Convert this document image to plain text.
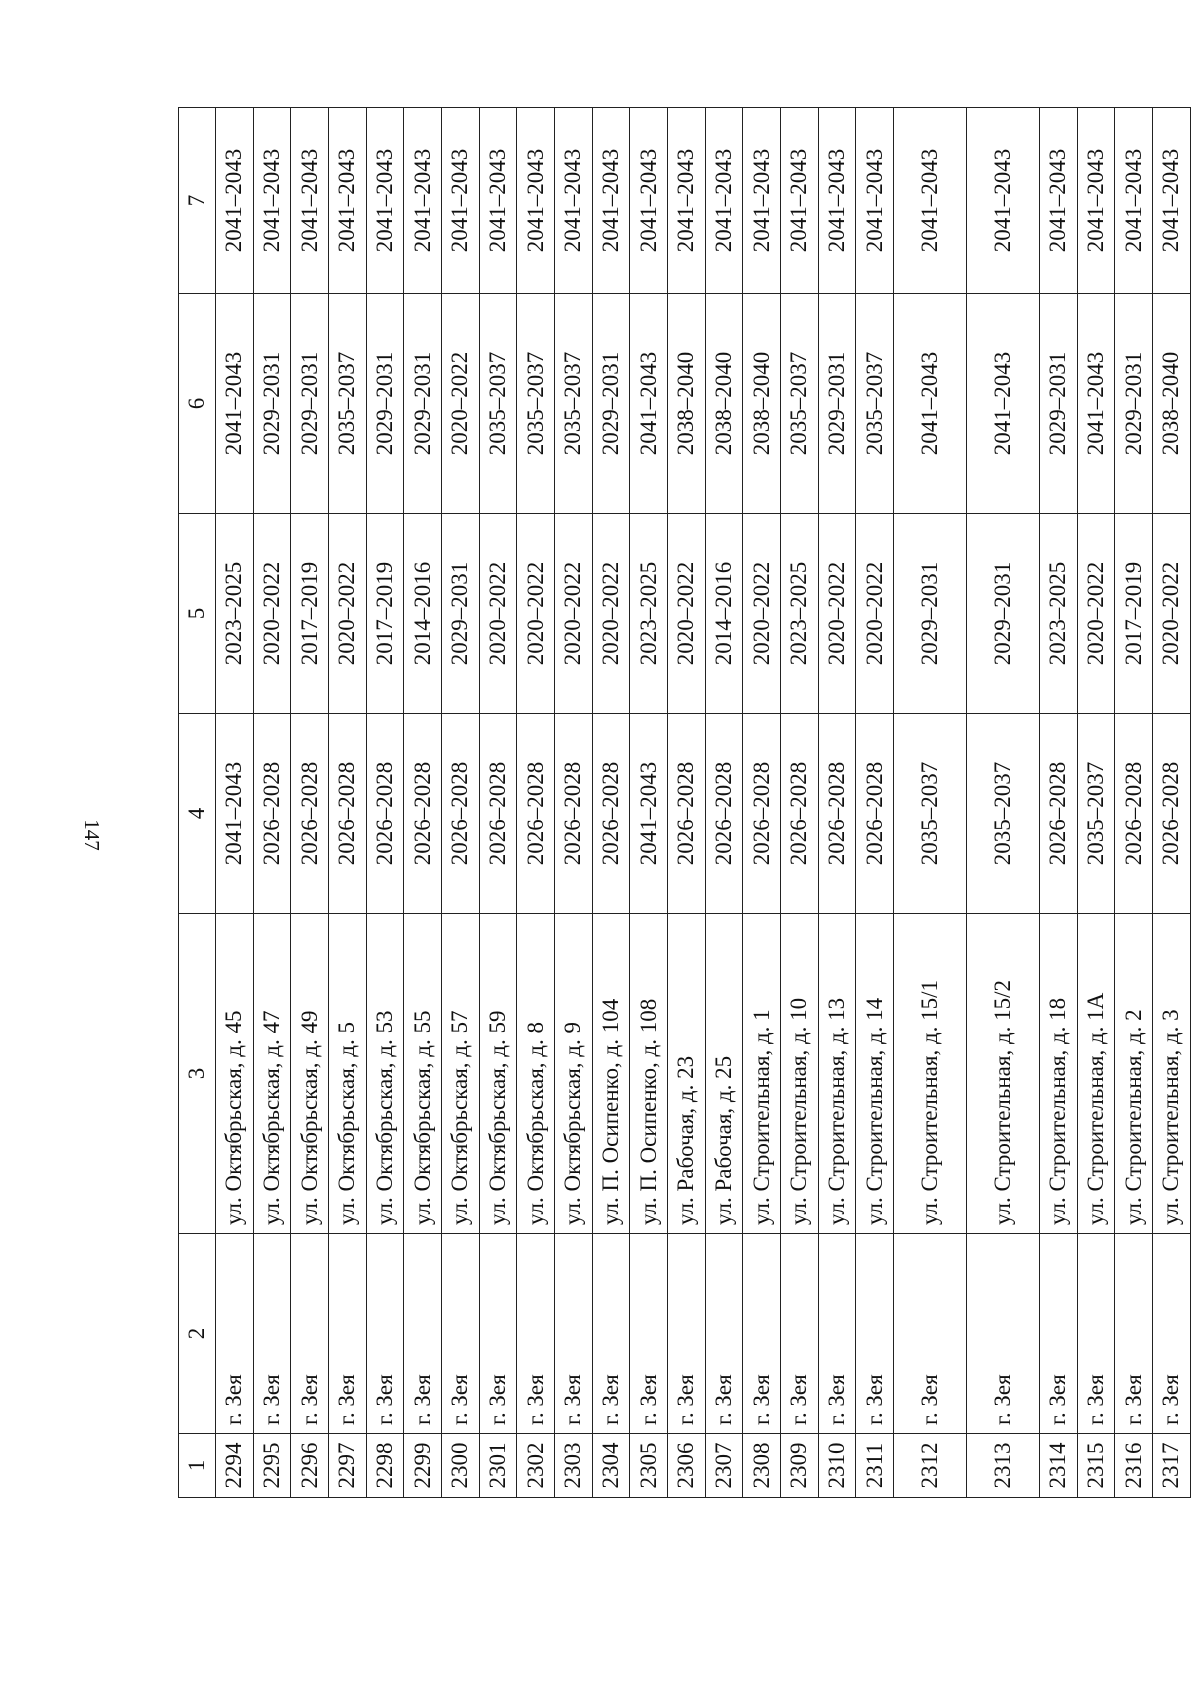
147
1	2	3	4	5	6	7
2294	г. Зея	ул. Октябрьская, д. 45	2041–2043	2023–2025	2041–2043	2041–2043
2295	г. Зея	ул. Октябрьская, д. 47	2026–2028	2020–2022	2029–2031	2041–2043
2296	г. Зея	ул. Октябрьская, д. 49	2026–2028	2017–2019	2029–2031	2041–2043
2297	г. Зея	ул. Октябрьская, д. 5	2026–2028	2020–2022	2035–2037	2041–2043
2298	г. Зея	ул. Октябрьская, д. 53	2026–2028	2017–2019	2029–2031	2041–2043
2299	г. Зея	ул. Октябрьская, д. 55	2026–2028	2014–2016	2029–2031	2041–2043
2300	г. Зея	ул. Октябрьская, д. 57	2026–2028	2029–2031	2020–2022	2041–2043
2301	г. Зея	ул. Октябрьская, д. 59	2026–2028	2020–2022	2035–2037	2041–2043
2302	г. Зея	ул. Октябрьская, д. 8	2026–2028	2020–2022	2035–2037	2041–2043
2303	г. Зея	ул. Октябрьская, д. 9	2026–2028	2020–2022	2035–2037	2041–2043
2304	г. Зея	ул. П. Осипенко, д. 104	2026–2028	2020–2022	2029–2031	2041–2043
2305	г. Зея	ул. П. Осипенко, д. 108	2041–2043	2023–2025	2041–2043	2041–2043
2306	г. Зея	ул. Рабочая, д. 23	2026–2028	2020–2022	2038–2040	2041–2043
2307	г. Зея	ул. Рабочая, д. 25	2026–2028	2014–2016	2038–2040	2041–2043
2308	г. Зея	ул. Строительная, д. 1	2026–2028	2020–2022	2038–2040	2041–2043
2309	г. Зея	ул. Строительная, д. 10	2026–2028	2023–2025	2035–2037	2041–2043
2310	г. Зея	ул. Строительная, д. 13	2026–2028	2020–2022	2029–2031	2041–2043
2311	г. Зея	ул. Строительная, д. 14	2026–2028	2020–2022	2035–2037	2041–2043
2312	г. Зея	ул. Строительная, д. 15/1	2035–2037	2029–2031	2041–2043	2041–2043
2313	г. Зея	ул. Строительная, д. 15/2	2035–2037	2029–2031	2041–2043	2041–2043
2314	г. Зея	ул. Строительная, д. 18	2026–2028	2023–2025	2029–2031	2041–2043
2315	г. Зея	ул. Строительная, д. 1А	2035–2037	2020–2022	2041–2043	2041–2043
2316	г. Зея	ул. Строительная, д. 2	2026–2028	2017–2019	2029–2031	2041–2043
2317	г. Зея	ул. Строительная, д. 3	2026–2028	2020–2022	2038–2040	2041–2043
